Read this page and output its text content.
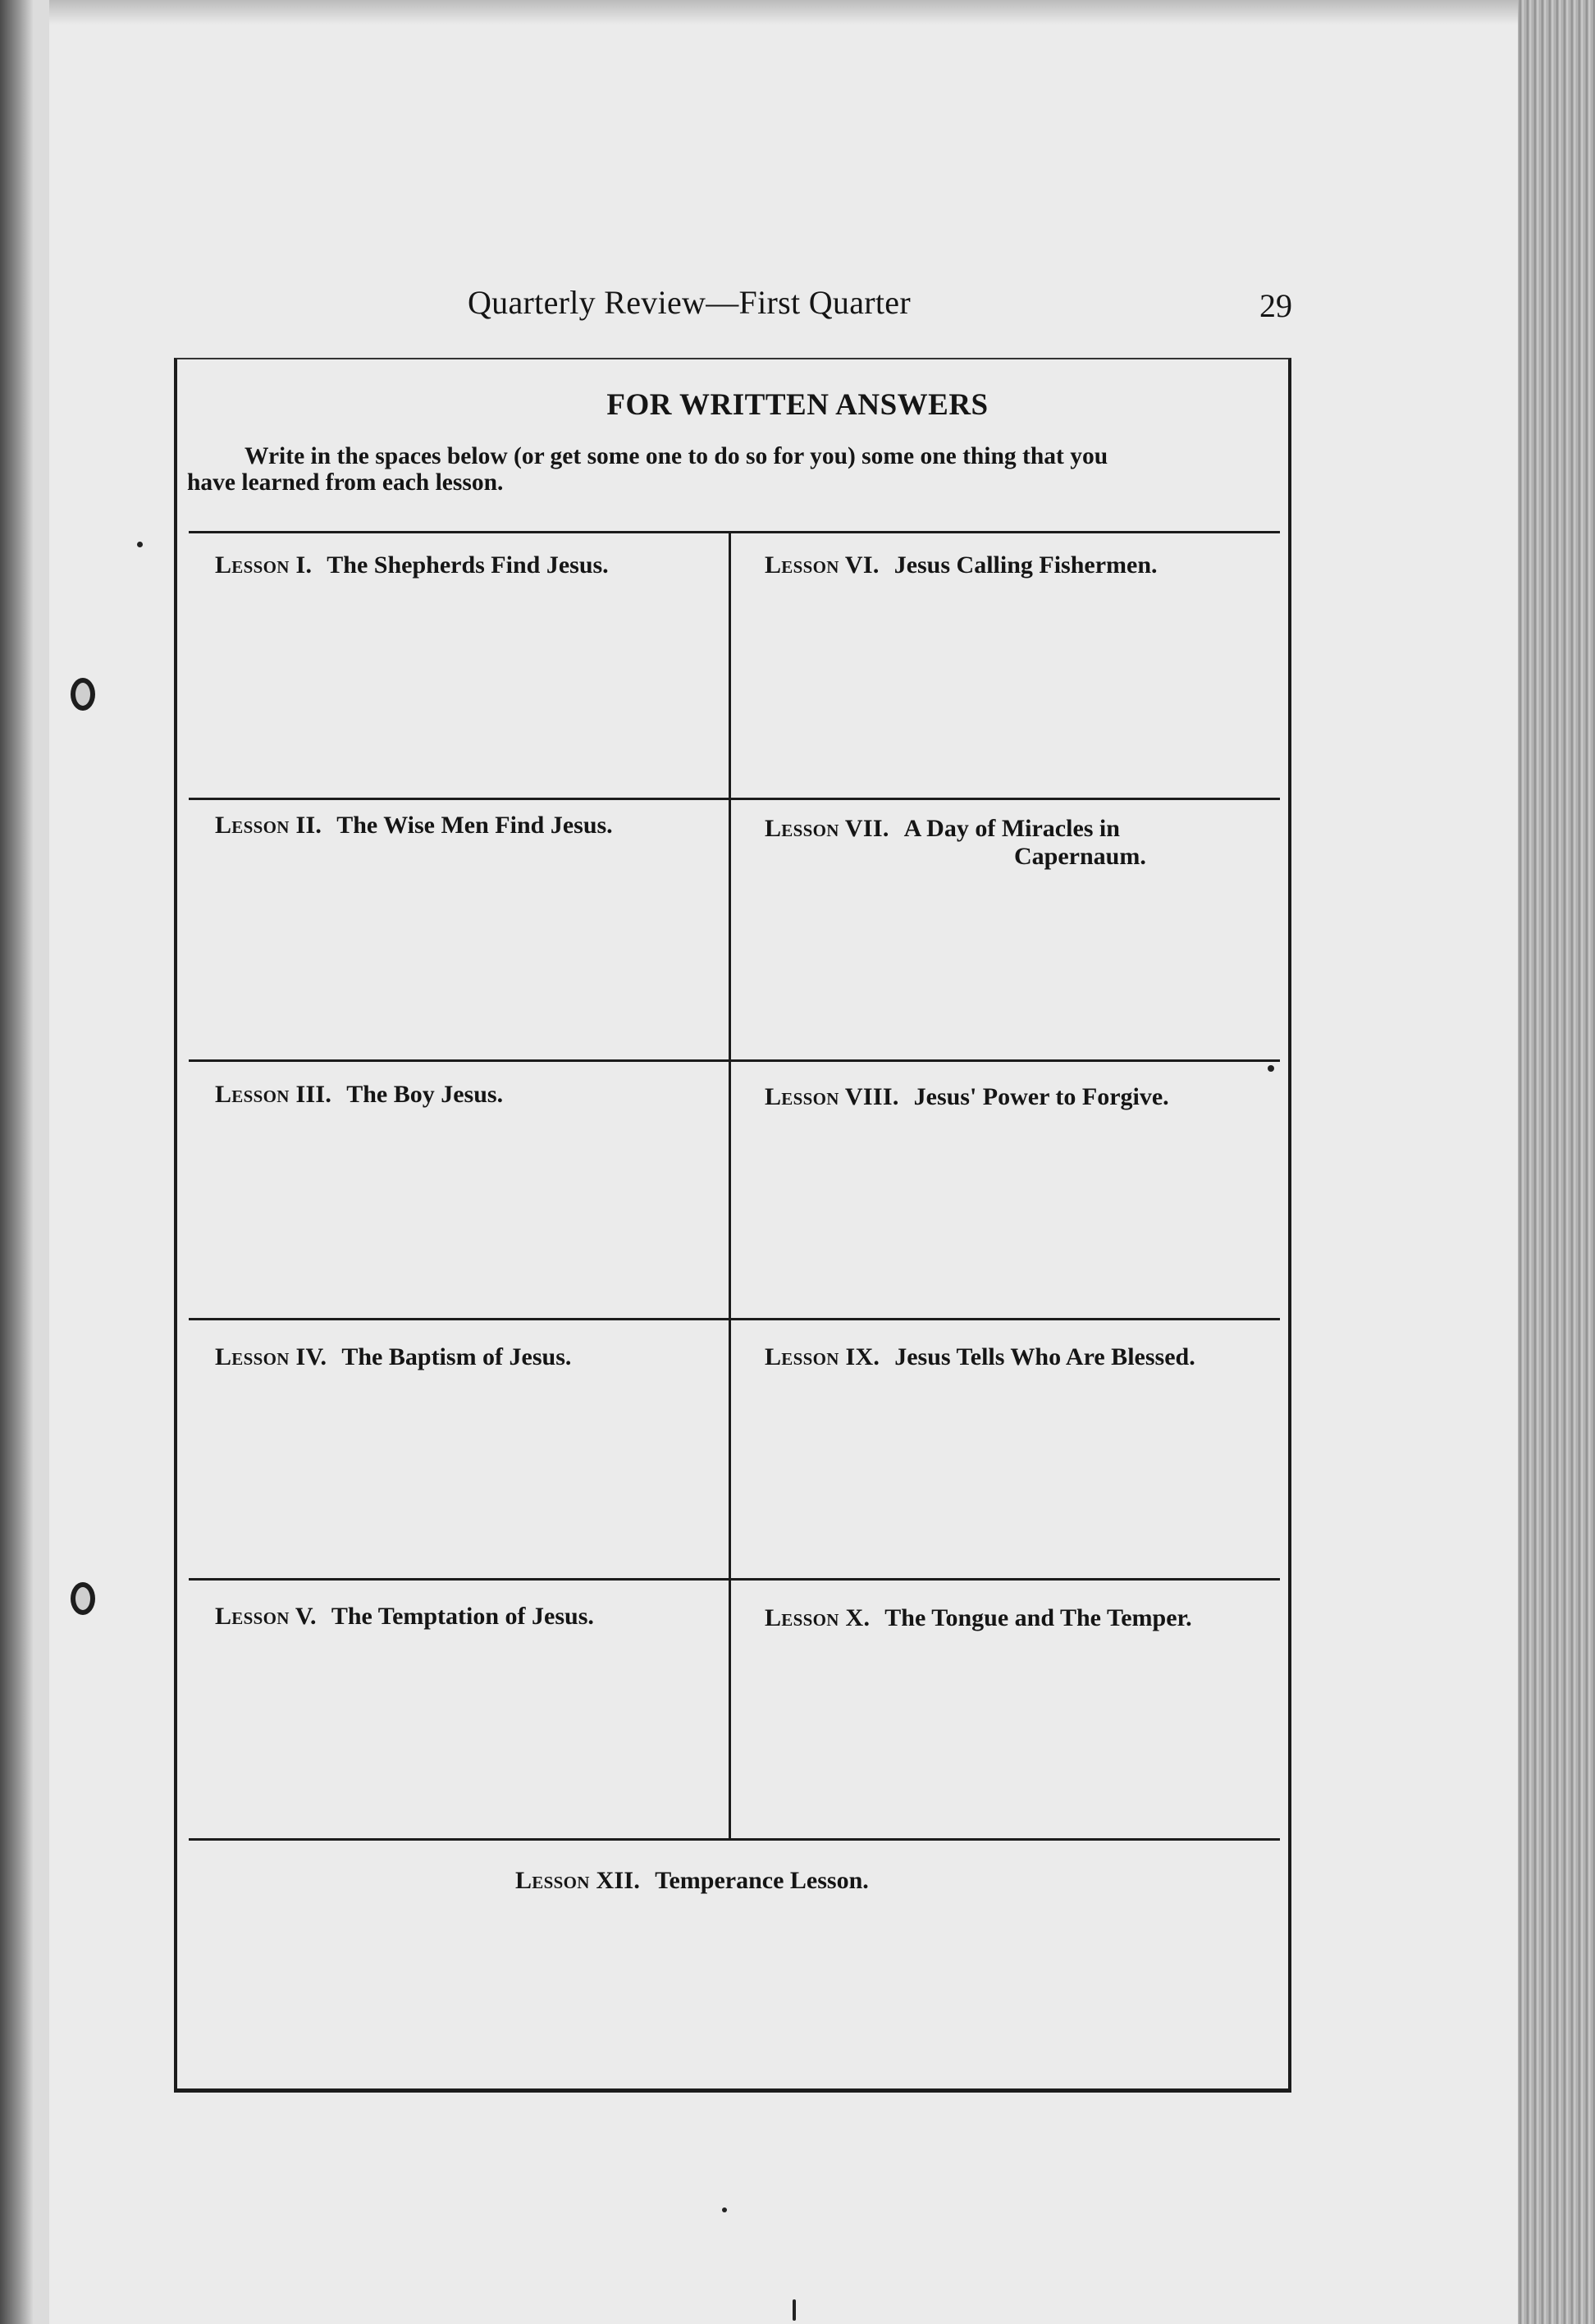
Quarterly Review—First Quarter	29
FOR WRITTEN ANSWERS
Write in the spaces below (or get some one to do so for you) some one thing that you
have learned from each lesson.
Lesson I. The Shepherds Find Jesus.
Lesson II. The Wise Men Find Jesus.
Lesson III. The Boy Jesus.
Lesson IV. The Baptism of Jesus.
Lesson V. The Temptation of Jesus.
Lesson VI. Jesus Calling Fishermen.
Lesson VII. A Day of Miracles in
Capernaum.
Lesson VIII. Jesus' Power to Forgive.
Lesson IX. Jesus Tells Who Are Blessed.
Lesson X. The Tongue and The Temper.
Lesson XII. Temperance Lesson.
